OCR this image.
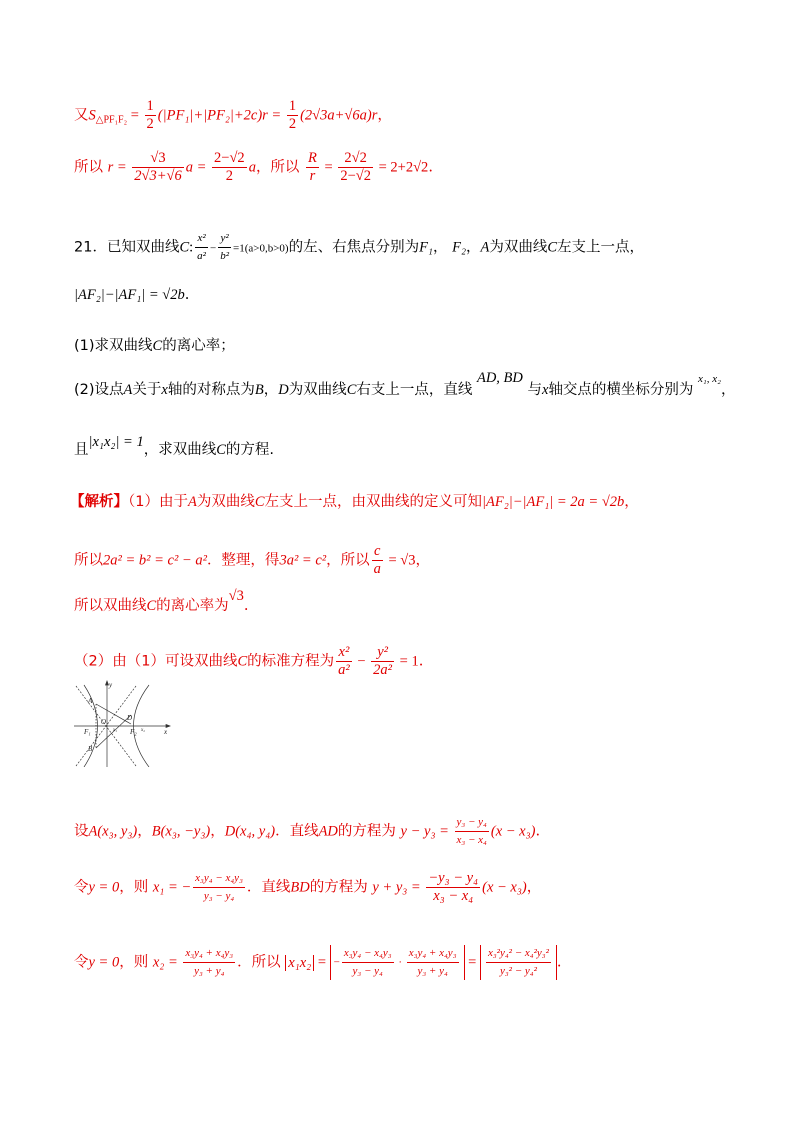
又$S_{\triangle PF_1F_2} = \frac{1}{2} (|PF_1|+|PF_2|+2c)r = \frac{1}{2} (2√3a+√6a)r$，
所以 $r = \frac{√3}{2√3+√6}$ $a = \frac{2-√2}{2}$ a，所以 $\frac{R}{r} = \frac{2√2}{2-√2} = 2+2√2$.
21．已知双曲线C: $\frac{\text{x²}}{\text{a²}} - \frac{\text{y²}}{\text{b²}} =1(a>0,b>0)$的左、右焦点分别为F₁， F₂，A为双曲线C左支上一点，
|AF₂|−|AF₁| = √2b.
(1)求双曲线C的离心率；
(2)设点A关于x轴的对称点为B，D为双曲线C右支上一点，直线 AD, BD 与x轴交点的横坐标分别为 $^{x_1, x_2}$，
且|x₁x₂| = 1，求双曲线C的方程.
【解析】（1）由于A为双曲线C左支上一点，由双曲线的定义可知|AF₂|−|AF₁| = 2a = √2b，
所以2a² = b² = c² − a²．整理，得3a² = c²，所以 $\frac{c}{a} = √3$，
所以双曲线C的离心率为√3.
（2）由（1）可设双曲线C的标准方程为 $\frac{\text{x²}}{\text{a²}} - \frac{\text{y²}}{\text{2a²}} = 1$.
y
A
D
O
F₁	F₂
B
x
x₁	x₂
设A(x₃, y₃)，B(x₃, −y₃)，D(x₄, y₄)．直线AD的方程为 $y - y_3 = \frac{\text{y₃ − y₄}}{\text{x₃ − x₄}} (x - x_3)$.
令y = 0，则 x₁ = − $\frac{\text{x₃y₄ − x₄y₃}}{\text{y₃ − y₄}}$ ．直线BD的方程为 $y + y_3 = \frac{\text{−y₃ − y₄}}{\text{x₃ − x₄}} (x - x_3)$，
令y = 0，则 $x_2 = \frac{\text{x₃y₄ + x₄y₃}}{\text{y₃ + y₄}}$ ．所以 x₁x₂ = − $\frac{\text{x₃y₄ − x₄y₃}}{\text{y₃ − y₄}} \cdot \frac{\text{x₃y₄ + x₄y₃}}{\text{y₃ + y₄}} = \frac{\text{x₃²y₄² − x₄²y₃²}}{\text{y₃² − y₄²}}$ .
